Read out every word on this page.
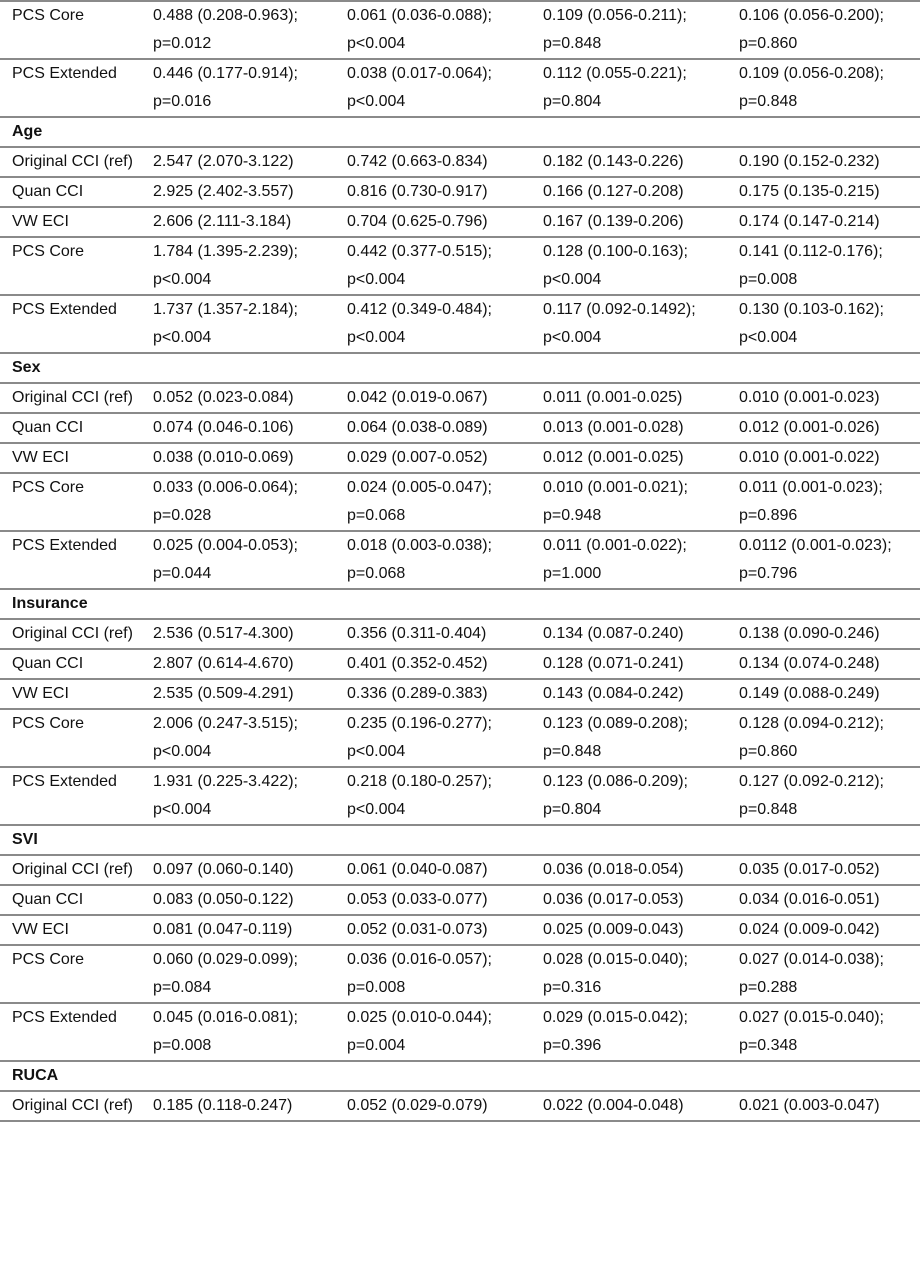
PCS Core	0.488 (0.208-0.963); p=0.012	0.061 (0.036-0.088); p<0.004	0.109 (0.056-0.211); p=0.848	0.106 (0.056-0.200); p=0.860
PCS Extended	0.446 (0.177-0.914); p=0.016	0.038 (0.017-0.064); p<0.004	0.112 (0.055-0.221); p=0.804	0.109 (0.056-0.208); p=0.848
Age				
Original CCI (ref)	2.547 (2.070-3.122)	0.742 (0.663-0.834)	0.182 (0.143-0.226)	0.190 (0.152-0.232)
Quan CCI	2.925 (2.402-3.557)	0.816 (0.730-0.917)	0.166 (0.127-0.208)	0.175 (0.135-0.215)
VW ECI	2.606 (2.111-3.184)	0.704 (0.625-0.796)	0.167 (0.139-0.206)	0.174 (0.147-0.214)
PCS Core	1.784 (1.395-2.239); p<0.004	0.442 (0.377-0.515); p<0.004	0.128 (0.100-0.163); p<0.004	0.141 (0.112-0.176); p=0.008
PCS Extended	1.737 (1.357-2.184); p<0.004	0.412 (0.349-0.484); p<0.004	0.117 (0.092-0.1492); p<0.004	0.130 (0.103-0.162); p<0.004
Sex				
Original CCI (ref)	0.052 (0.023-0.084)	0.042 (0.019-0.067)	0.011 (0.001-0.025)	0.010 (0.001-0.023)
Quan CCI	0.074 (0.046-0.106)	0.064 (0.038-0.089)	0.013 (0.001-0.028)	0.012 (0.001-0.026)
VW ECI	0.038 (0.010-0.069)	0.029 (0.007-0.052)	0.012 (0.001-0.025)	0.010 (0.001-0.022)
PCS Core	0.033 (0.006-0.064); p=0.028	0.024 (0.005-0.047); p=0.068	0.010 (0.001-0.021); p=0.948	0.011 (0.001-0.023); p=0.896
PCS Extended	0.025 (0.004-0.053); p=0.044	0.018 (0.003-0.038); p=0.068	0.011 (0.001-0.022); p=1.000	0.0112 (0.001-0.023); p=0.796
Insurance				
Original CCI (ref)	2.536 (0.517-4.300)	0.356 (0.311-0.404)	0.134 (0.087-0.240)	0.138 (0.090-0.246)
Quan CCI	2.807 (0.614-4.670)	0.401 (0.352-0.452)	0.128 (0.071-0.241)	0.134 (0.074-0.248)
VW ECI	2.535 (0.509-4.291)	0.336 (0.289-0.383)	0.143 (0.084-0.242)	0.149 (0.088-0.249)
PCS Core	2.006 (0.247-3.515); p<0.004	0.235 (0.196-0.277); p<0.004	0.123 (0.089-0.208); p=0.848	0.128 (0.094-0.212); p=0.860
PCS Extended	1.931 (0.225-3.422); p<0.004	0.218 (0.180-0.257); p<0.004	0.123 (0.086-0.209); p=0.804	0.127 (0.092-0.212); p=0.848
SVI				
Original CCI (ref)	0.097 (0.060-0.140)	0.061 (0.040-0.087)	0.036 (0.018-0.054)	0.035 (0.017-0.052)
Quan CCI	0.083 (0.050-0.122)	0.053 (0.033-0.077)	0.036 (0.017-0.053)	0.034 (0.016-0.051)
VW ECI	0.081 (0.047-0.119)	0.052 (0.031-0.073)	0.025 (0.009-0.043)	0.024 (0.009-0.042)
PCS Core	0.060 (0.029-0.099); p=0.084	0.036 (0.016-0.057); p=0.008	0.028 (0.015-0.040); p=0.316	0.027 (0.014-0.038); p=0.288
PCS Extended	0.045 (0.016-0.081); p=0.008	0.025 (0.010-0.044); p=0.004	0.029 (0.015-0.042); p=0.396	0.027 (0.015-0.040); p=0.348
RUCA				
Original CCI (ref)	0.185 (0.118-0.247)	0.052 (0.029-0.079)	0.022 (0.004-0.048)	0.021 (0.003-0.047)
